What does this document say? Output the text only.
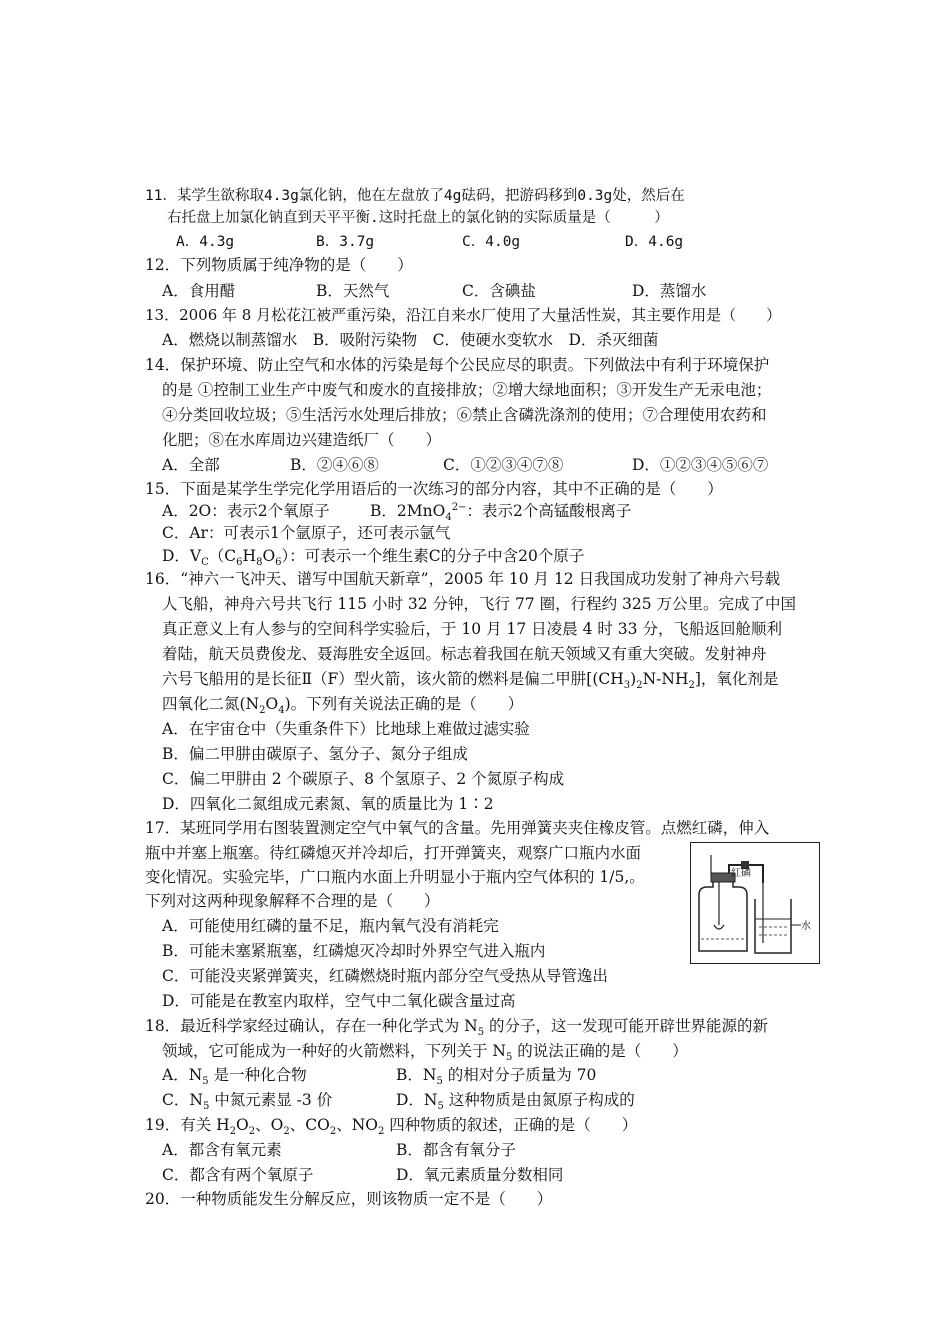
11．某学生欲称取4.3g氯化钠，他在左盘放了4g砝码，把游码移到0.3g处，然后在
右托盘上加氯化钠直到天平平衡.这时托盘上的氯化钠的实际质量是（　　　）
A．4.3g	B．3.7g	C．4.0g	D．4.6g
12．下列物质属于纯净物的是（　　）
A．食用醋	B．天然气	C．含碘盐	D．蒸馏水
13．2006 年 8 月松花江被严重污染，沿江自来水厂使用了大量活性炭，其主要作用是（　　）
A．燃烧以制蒸馏水　B．吸附污染物　C．使硬水变软水　D．杀灭细菌
14．保护环境、防止空气和水体的污染是每个公民应尽的职责。下列做法中有利于环境保护
的是 ①控制工业生产中废气和废水的直接排放；②增大绿地面积；③开发生产无汞电池；
④分类回收垃圾；⑤生活污水处理后排放；⑥禁止含磷洗涤剂的使用；⑦合理使用农药和
化肥；⑧在水库周边兴建造纸厂（　　）
A．全部	B．②④⑥⑧	C．①②③④⑦⑧	D．①②③④⑤⑥⑦
15．下面是某学生学完化学用语后的一次练习的部分内容，其中不正确的是（　　）
A．2O：表示2个氧原子	B．2MnO$_4^{2-}$：表示2个高锰酸根离子
C．Ar：可表示1个氩原子，还可表示氩气
D．$V_C(C_6H_8O_6)$：可表示一个维生素C的分子中含20个原子
16．“神六一飞冲天、谱写中国航天新章”，2005 年 10 月 12 日我国成功发射了神舟六号载
人飞船，神舟六号共飞行 115 小时 32 分钟，飞行 77 圈，行程约 325 万公里。完成了中国
真正意义上有人参与的空间科学实验后，于 10 月 17 日凌晨 4 时 33 分，飞船返回舱顺利
着陆，航天员费俊龙、聂海胜安全返回。标志着我国在航天领域又有重大突破。发射神舟
六号飞船用的是长征Ⅱ（F）型火箭，该火箭的燃料是偏二甲肼$[(CH_3)_2N-NH_2]$，氧化剂是
四氧化二氮$(N_2O_4)$。下列有关说法正确的是（　　）
A．在宇宙仓中（失重条件下）比地球上难做过滤实验
B．偏二甲肼由碳原子、氢分子、氮分子组成
C．偏二甲肼由 2 个碳原子、8 个氢原子、2 个氮原子构成
D．四氧化二氮组成元素氮、氧的质量比为 1∶2
17．某班同学用右图装置测定空气中氧气的含量。先用弹簧夹夹住橡皮管。点燃红磷，伸入
瓶中并塞上瓶塞。待红磷熄灭并冷却后，打开弹簧夹，观察广口瓶内水面
变化情况。实验完毕，广口瓶内水面上升明显小于瓶内空气体积的 1/5,。
下列对这两种现象解释不合理的是（　　）
A．可能使用红磷的量不足，瓶内氧气没有消耗完
B．可能未塞紧瓶塞，红磷熄灭冷却时外界空气进入瓶内
C．可能没夹紧弹簧夹，红磷燃烧时瓶内部分空气受热从导管逸出
D．可能是在教室内取样，空气中二氧化碳含量过高
红磷
水
18．最近科学家经过确认，存在一种化学式为 $N_5$ 的分子，这一发现可能开辟世界能源的新
领域，它可能成为一种好的火箭燃料，下列关于 $N_5$ 的说法正确的是（　　）
A．$N_5$ 是一种化合物	B．$N_5$ 的相对分子质量为 70
C．$N_5$ 中氮元素显 -3 价	D．$N_5$ 这种物质是由氮原子构成的
19．有关 $H_2O_2$、$O_2$、$CO_2$、$NO_2$ 四种物质的叙述，正确的是（　　）
A．都含有氧元素	B．都含有氧分子
C．都含有两个氧原子	D．氧元素质量分数相同
20．一种物质能发生分解反应，则该物质一定不是（　　）
